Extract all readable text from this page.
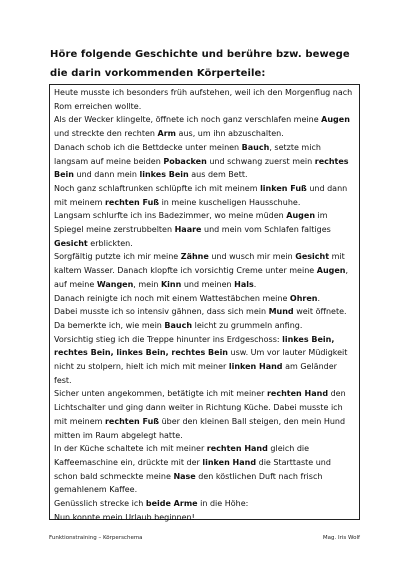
Höre folgende Geschichte und berühre bzw. bewege die darin vorkommenden Körperteile:

Heute musste ich besonders früh aufstehen, weil ich den Morgenflug nach Rom erreichen wollte.

Als der Wecker klingelte, öffnete ich noch ganz verschlafen meine Augen und streckte den rechten Arm aus, um ihn abzuschalten.

Danach schob ich die Bettdecke unter meinen Bauch, setzte mich langsam auf meine beiden Pobacken und schwang zuerst mein rechtes Bein und dann mein linkes Bein aus dem Bett.

Noch ganz schlaftrunken schlüpfte ich mit meinem linken Fuß und dann mit meinem rechten Fuß in meine kuscheligen Hausschuhe.

Langsam schlurfte ich ins Badezimmer, wo meine müden Augen im Spiegel meine zerstrubbelten Haare und mein vom Schlafen faltiges Gesicht erblickten.

Sorgfältig putzte ich mir meine Zähne und wusch mir mein Gesicht mit kaltem Wasser. Danach klopfte ich vorsichtig Creme unter meine Augen, auf meine Wangen, mein Kinn und meinen Hals.

Danach reinigte ich noch mit einem Wattestäbchen meine Ohren.

Dabei musste ich so intensiv gähnen, dass sich mein Mund weit öffnete. Da bemerkte ich, wie mein Bauch leicht zu grummeln anfing.

Vorsichtig stieg ich die Treppe hinunter ins Erdgeschoss: linkes Bein, rechtes Bein, linkes Bein, rechtes Bein usw. Um vor lauter Müdigkeit nicht zu stolpern, hielt ich mich mit meiner linken Hand am Geländer fest.

Sicher unten angekommen, betätigte ich mit meiner rechten Hand den Lichtschalter und ging dann weiter in Richtung Küche. Dabei musste ich mit meinem rechten Fuß über den kleinen Ball steigen, den mein Hund mitten im Raum abgelegt hatte.

In der Küche schaltete ich mit meiner rechten Hand gleich die Kaffeemaschine ein, drückte mit der linken Hand die Starttaste und schon bald schmeckte meine Nase den köstlichen Duft nach frisch gemahlenem Kaffee.

Genüsslich strecke ich beide Arme in die Höhe:

Nun konnte mein Urlaub beginnen!

Funktionstraining – Körperschema	Mag. Iris Wolf
